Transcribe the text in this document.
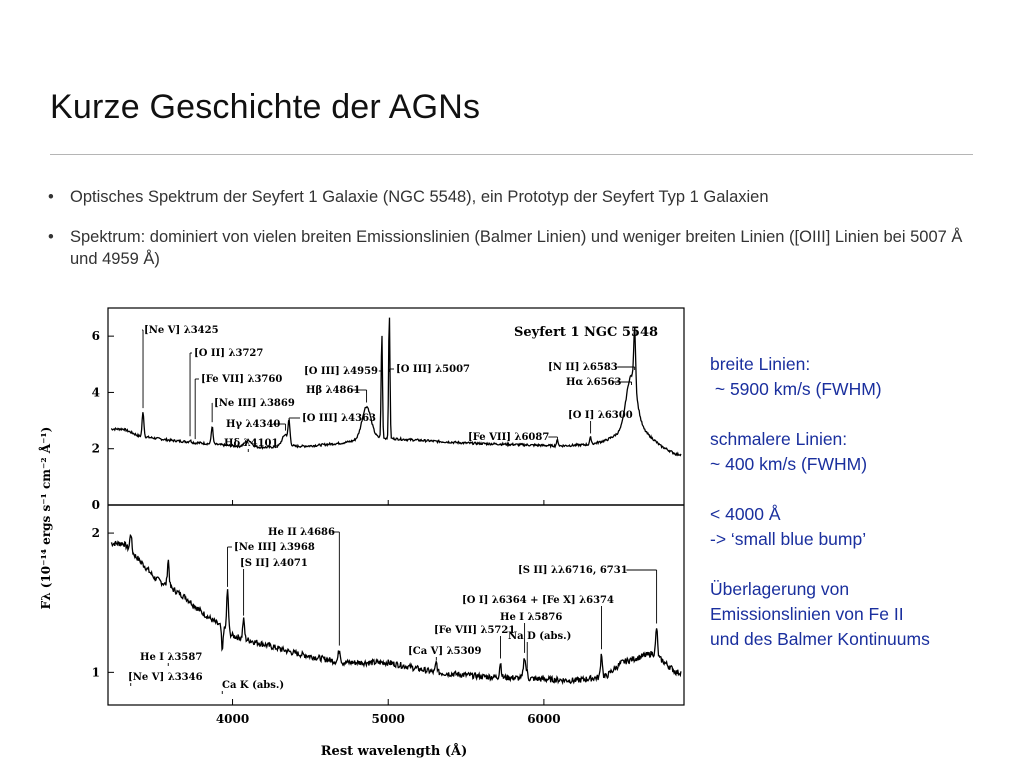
Kurze Geschichte der AGNs
• Optisches Spektrum der Seyfert 1 Galaxie (NGC 5548), ein Prototyp der Seyfert Typ 1 Galaxien
• Spektrum: dominiert von vielen breiten Emissionslinien (Balmer Linien) und weniger breiten Linien ([OIII] Linien bei 5007 Å und 4959 Å)
0
2
4
6
1
2
4000	5000	6000
[Ne V] λ3425
[O II] λ3727
[Fe VII] λ3760
[Ne III] λ3869
Hγ λ4340
Hδ λ4101
[O III] λ4959
Hβ λ4861
[O III] λ4363
[O III] λ5007
[Fe VII] λ6087
[O I] λ6300
[N II] λ6583
Hα λ6563
He II λ4686
[Ne III] λ3968
[S II] λ4071
He I λ3587
[Ne V] λ3346
Ca K (abs.)
[S II] λλ6716, 6731
[O I] λ6364 + [Fe X] λ6374
He I λ5876
[Fe VII] λ5721
Na D (abs.)
[Ca V] λ5309
Seyfert 1 NGC 5548
Rest wavelength (Å)
Fλ (10⁻¹⁴ ergs s⁻¹ cm⁻² Å⁻¹)
breite Linien:
~ 5900 km/s (FWHM)
schmalere Linien:
~ 400 km/s (FWHM)
< 4000 Å
-> ‘small blue bump’
Überlagerung von
Emissionslinien von Fe II
und des Balmer Kontinuums
